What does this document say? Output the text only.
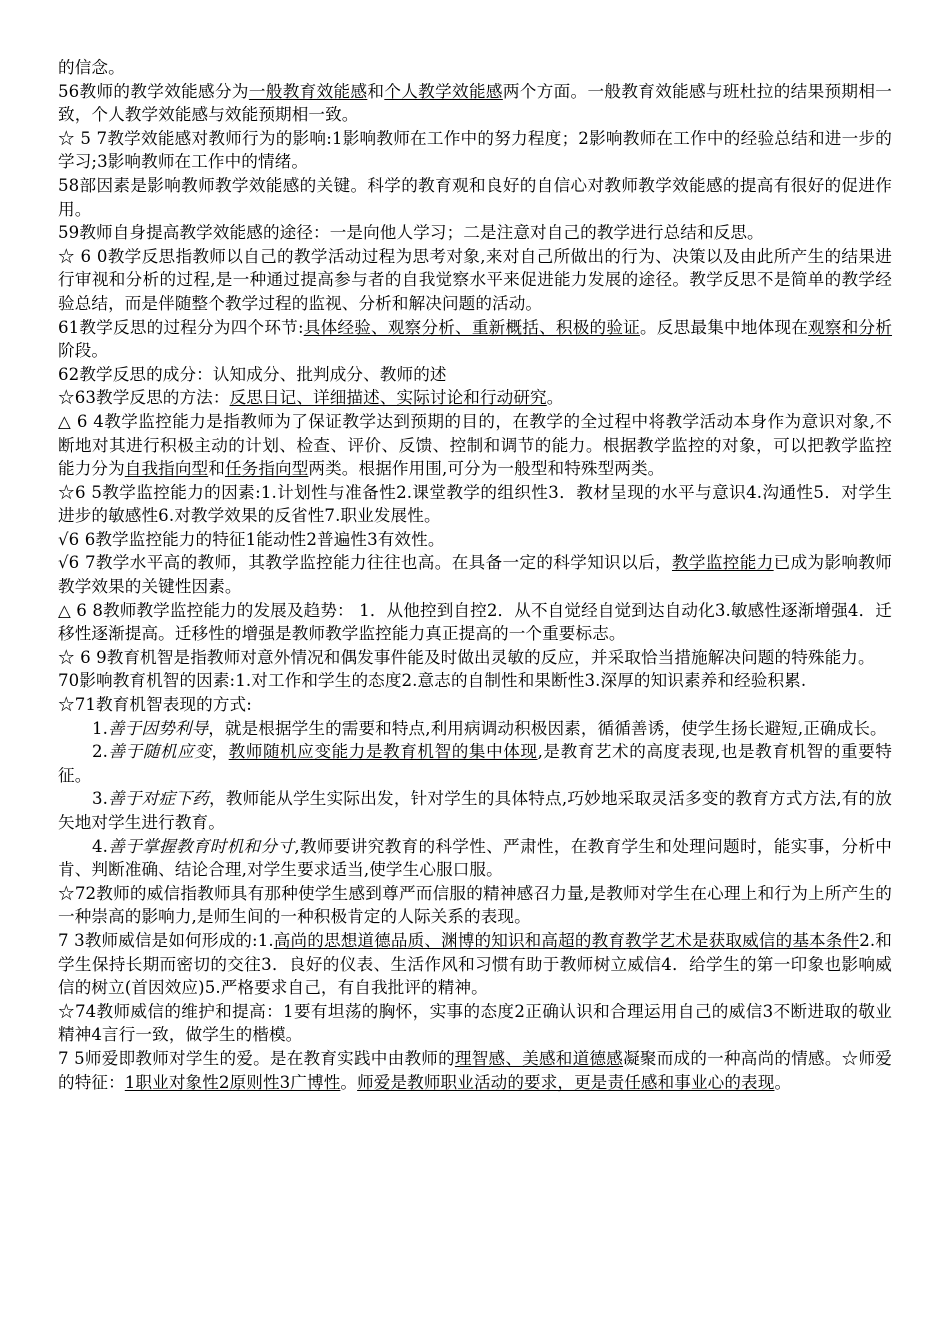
的信念。

56教师的教学效能感分为一般教育效能感和个人教学效能感两个方面。一般教育效能感与班杜拉的结果预期相一致，个人教学效能感与效能预期相一致。

☆ 5 7教学效能感对教师行为的影响:1影响教师在工作中的努力程度；2影响教师在工作中的经验总结和进一步的学习;3影响教师在工作中的情绪。

58部因素是影响教师教学效能感的关键。科学的教育观和良好的自信心对教师教学效能感的提高有很好的促进作用。

59教师自身提高教学效能感的途径：一是向他人学习；二是注意对自己的教学进行总结和反思。

☆ 6 0教学反思指教师以自己的教学活动过程为思考对象,来对自己所做出的行为、决策以及由此所产生的结果进行审视和分析的过程,是一种通过提高参与者的自我觉察水平来促进能力发展的途径。教学反思不是简单的教学经验总结，而是伴随整个教学过程的监视、分析和解决问题的活动。

61教学反思的过程分为四个环节:具体经验、观察分析、重新概括、积极的验证。反思最集中地体现在观察和分析阶段。

62教学反思的成分：认知成分、批判成分、教师的述

☆63教学反思的方法：反思日记、详细描述、实际讨论和行动研究。

△ 6 4教学监控能力是指教师为了保证教学达到预期的目的，在教学的全过程中将教学活动本身作为意识对象,不断地对其进行积极主动的计划、检查、评价、反馈、控制和调节的能力。根据教学监控的对象，可以把教学监控能力分为自我指向型和任务指向型两类。根据作用围,可分为一般型和特殊型两类。

☆6 5教学监控能力的因素:1.计划性与准备性2.课堂教学的组织性3．教材呈现的水平与意识4.沟通性5．对学生进步的敏感性6.对教学效果的反省性7.职业发展性。

√6 6教学监控能力的特征1能动性2普遍性3有效性。

√6 7教学水平高的教师，其教学监控能力往往也高。在具备一定的科学知识以后，教学监控能力已成为影响教师教学效果的关键性因素。

△ 6 8教师教学监控能力的发展及趋势： 1．从他控到自控2．从不自觉经自觉到达自动化3.敏感性逐渐增强4．迁移性逐渐提高。迁移性的增强是教师教学监控能力真正提高的一个重要标志。

☆ 6 9教育机智是指教师对意外情况和偶发事件能及时做出灵敏的反应，并采取恰当措施解决问题的特殊能力。

70影响教育机智的因素:1.对工作和学生的态度2.意志的自制性和果断性3.深厚的知识素养和经验积累.

☆71教育机智表现的方式:

1.善于因势利导，就是根据学生的需要和特点,利用病调动积极因素，循循善诱，使学生扬长避短,正确成长。

2.善于随机应变，教师随机应变能力是教育机智的集中体现,是教育艺术的高度表现,也是教育机智的重要特征。

3.善于对症下药，教师能从学生实际出发，针对学生的具体特点,巧妙地采取灵活多变的教育方式方法,有的放矢地对学生进行教育。

4.善于掌握教育时机和分寸,教师要讲究教育的科学性、严肃性，在教育学生和处理问题时，能实事，分析中肯、判断准确、结论合理,对学生要求适当,使学生心服口服。

☆72教师的威信指教师具有那种使学生感到尊严而信服的精神感召力量,是教师对学生在心理上和行为上所产生的一种崇高的影响力,是师生间的一种积极肯定的人际关系的表现。

7 3教师威信是如何形成的:1.高尚的思想道德品质、渊博的知识和高超的教育教学艺术是获取威信的基本条件2.和学生保持长期而密切的交往3．良好的仪表、生活作风和习惯有助于教师树立威信4．给学生的第一印象也影响威信的树立(首因效应)5.严格要求自己，有自我批评的精神。

☆74教师威信的维护和提高：1要有坦荡的胸怀，实事的态度2正确认识和合理运用自己的威信3不断进取的敬业精神4言行一致，做学生的楷模。

7 5师爱即教师对学生的爱。是在教育实践中由教师的理智感、美感和道德感凝聚而成的一种高尚的情感。☆师爱的特征：1职业对象性2原则性3广博性。师爱是教师职业活动的要求，更是责任感和事业心的表现。
